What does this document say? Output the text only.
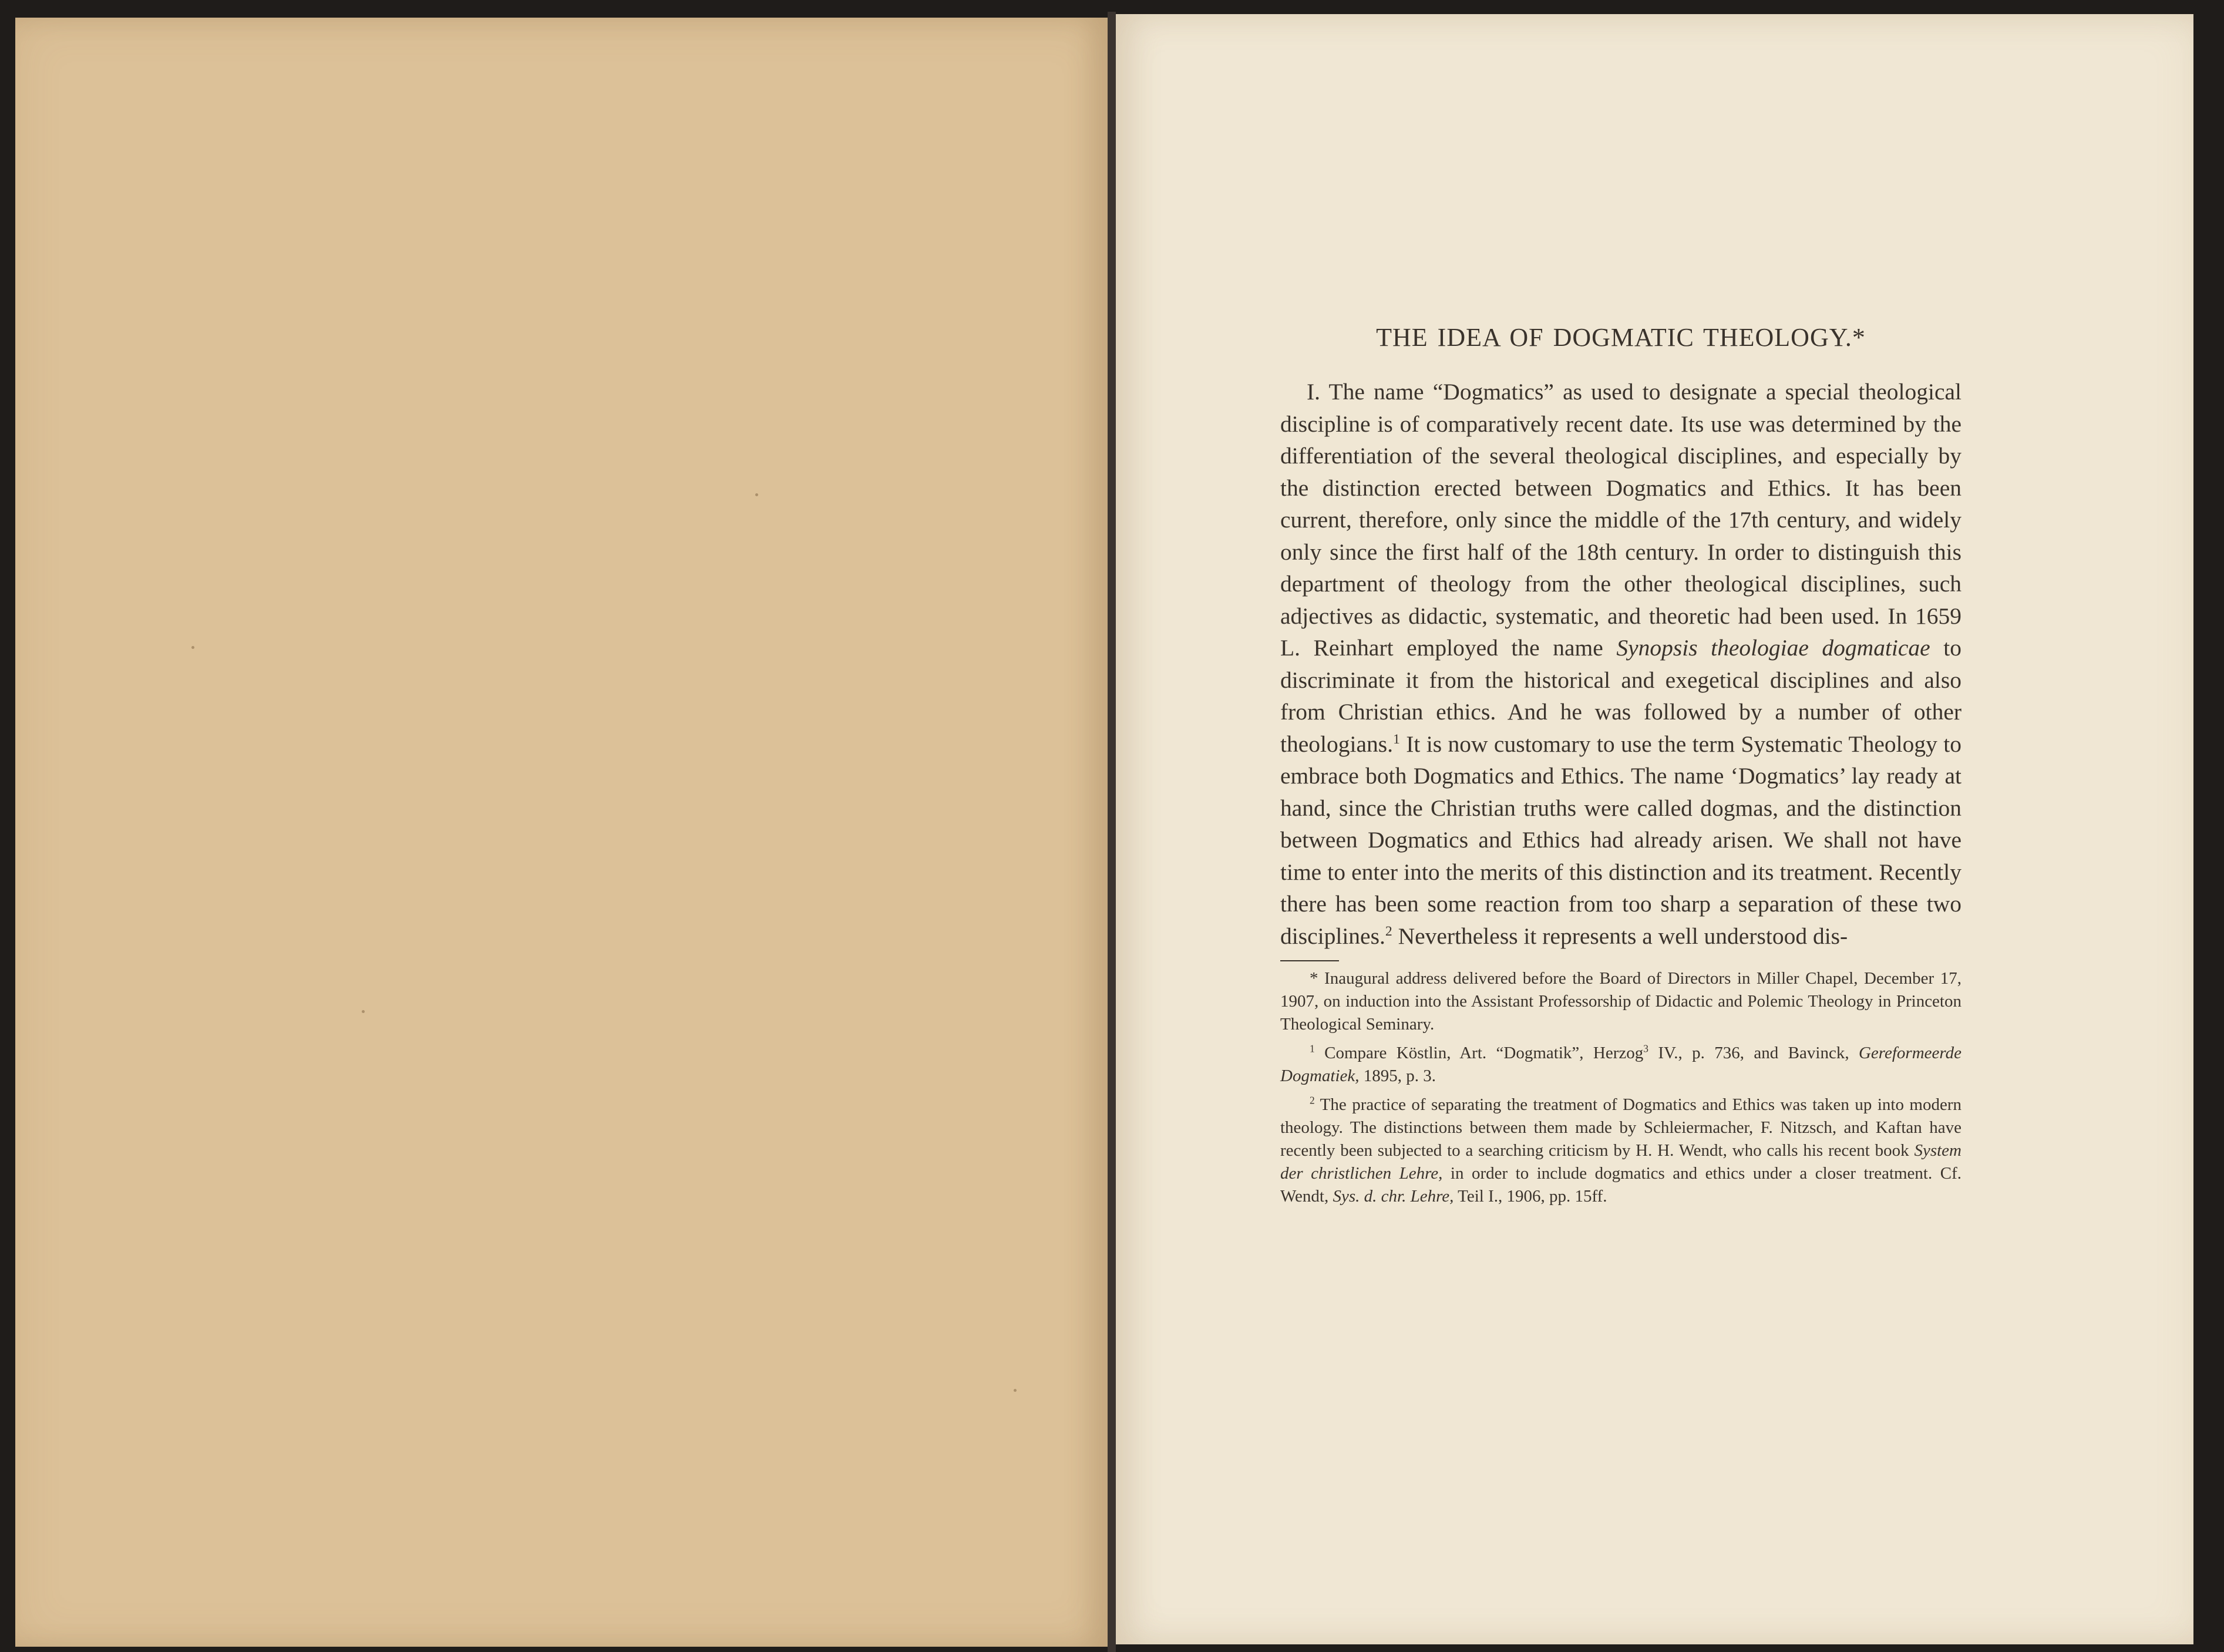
THE IDEA OF DOGMATIC THEOLOGY.*

I. The name “Dogmatics” as used to designate a special theological discipline is of comparatively recent date. Its use was determined by the differentiation of the several theological disciplines, and especially by the distinction erected between Dogmatics and Ethics. It has been current, therefore, only since the middle of the 17th century, and widely only since the first half of the 18th century. In order to distinguish this department of theology from the other theological disciplines, such adjectives as didactic, systematic, and theoretic had been used. In 1659 L. Reinhart employed the name Synopsis theologiae dogmaticae to discriminate it from the historical and exegetical disciplines and also from Christian ethics. And he was followed by a number of other theologians.$^1$ It is now customary to use the term Systematic Theology to embrace both Dogmatics and Ethics. The name ‘Dogmatics’ lay ready at hand, since the Christian truths were called dogmas, and the distinction between Dogmatics and Ethics had already arisen. We shall not have time to enter into the merits of this distinction and its treatment. Recently there has been some reaction from too sharp a separation of these two disciplines.$^2$ Nevertheless it represents a well understood dis-

* Inaugural address delivered before the Board of Directors in Miller Chapel, December 17, 1907, on induction into the Assistant Professorship of Didactic and Polemic Theology in Princeton Theological Seminary.

$^1$ Compare Köstlin, Art. “Dogmatik”, Herzog$^3$ IV., p. 736, and Bavinck, Gereformeerde Dogmatiek, 1895, p. 3.

$^2$ The practice of separating the treatment of Dogmatics and Ethics was taken up into modern theology. The distinctions between them made by Schleiermacher, F. Nitzsch, and Kaftan have recently been subjected to a searching criticism by H. H. Wendt, who calls his recent book System der christlichen Lehre, in order to include dogmatics and ethics under a closer treatment. Cf. Wendt, Sys. d. chr. Lehre, Teil I., 1906, pp. 15ff.
